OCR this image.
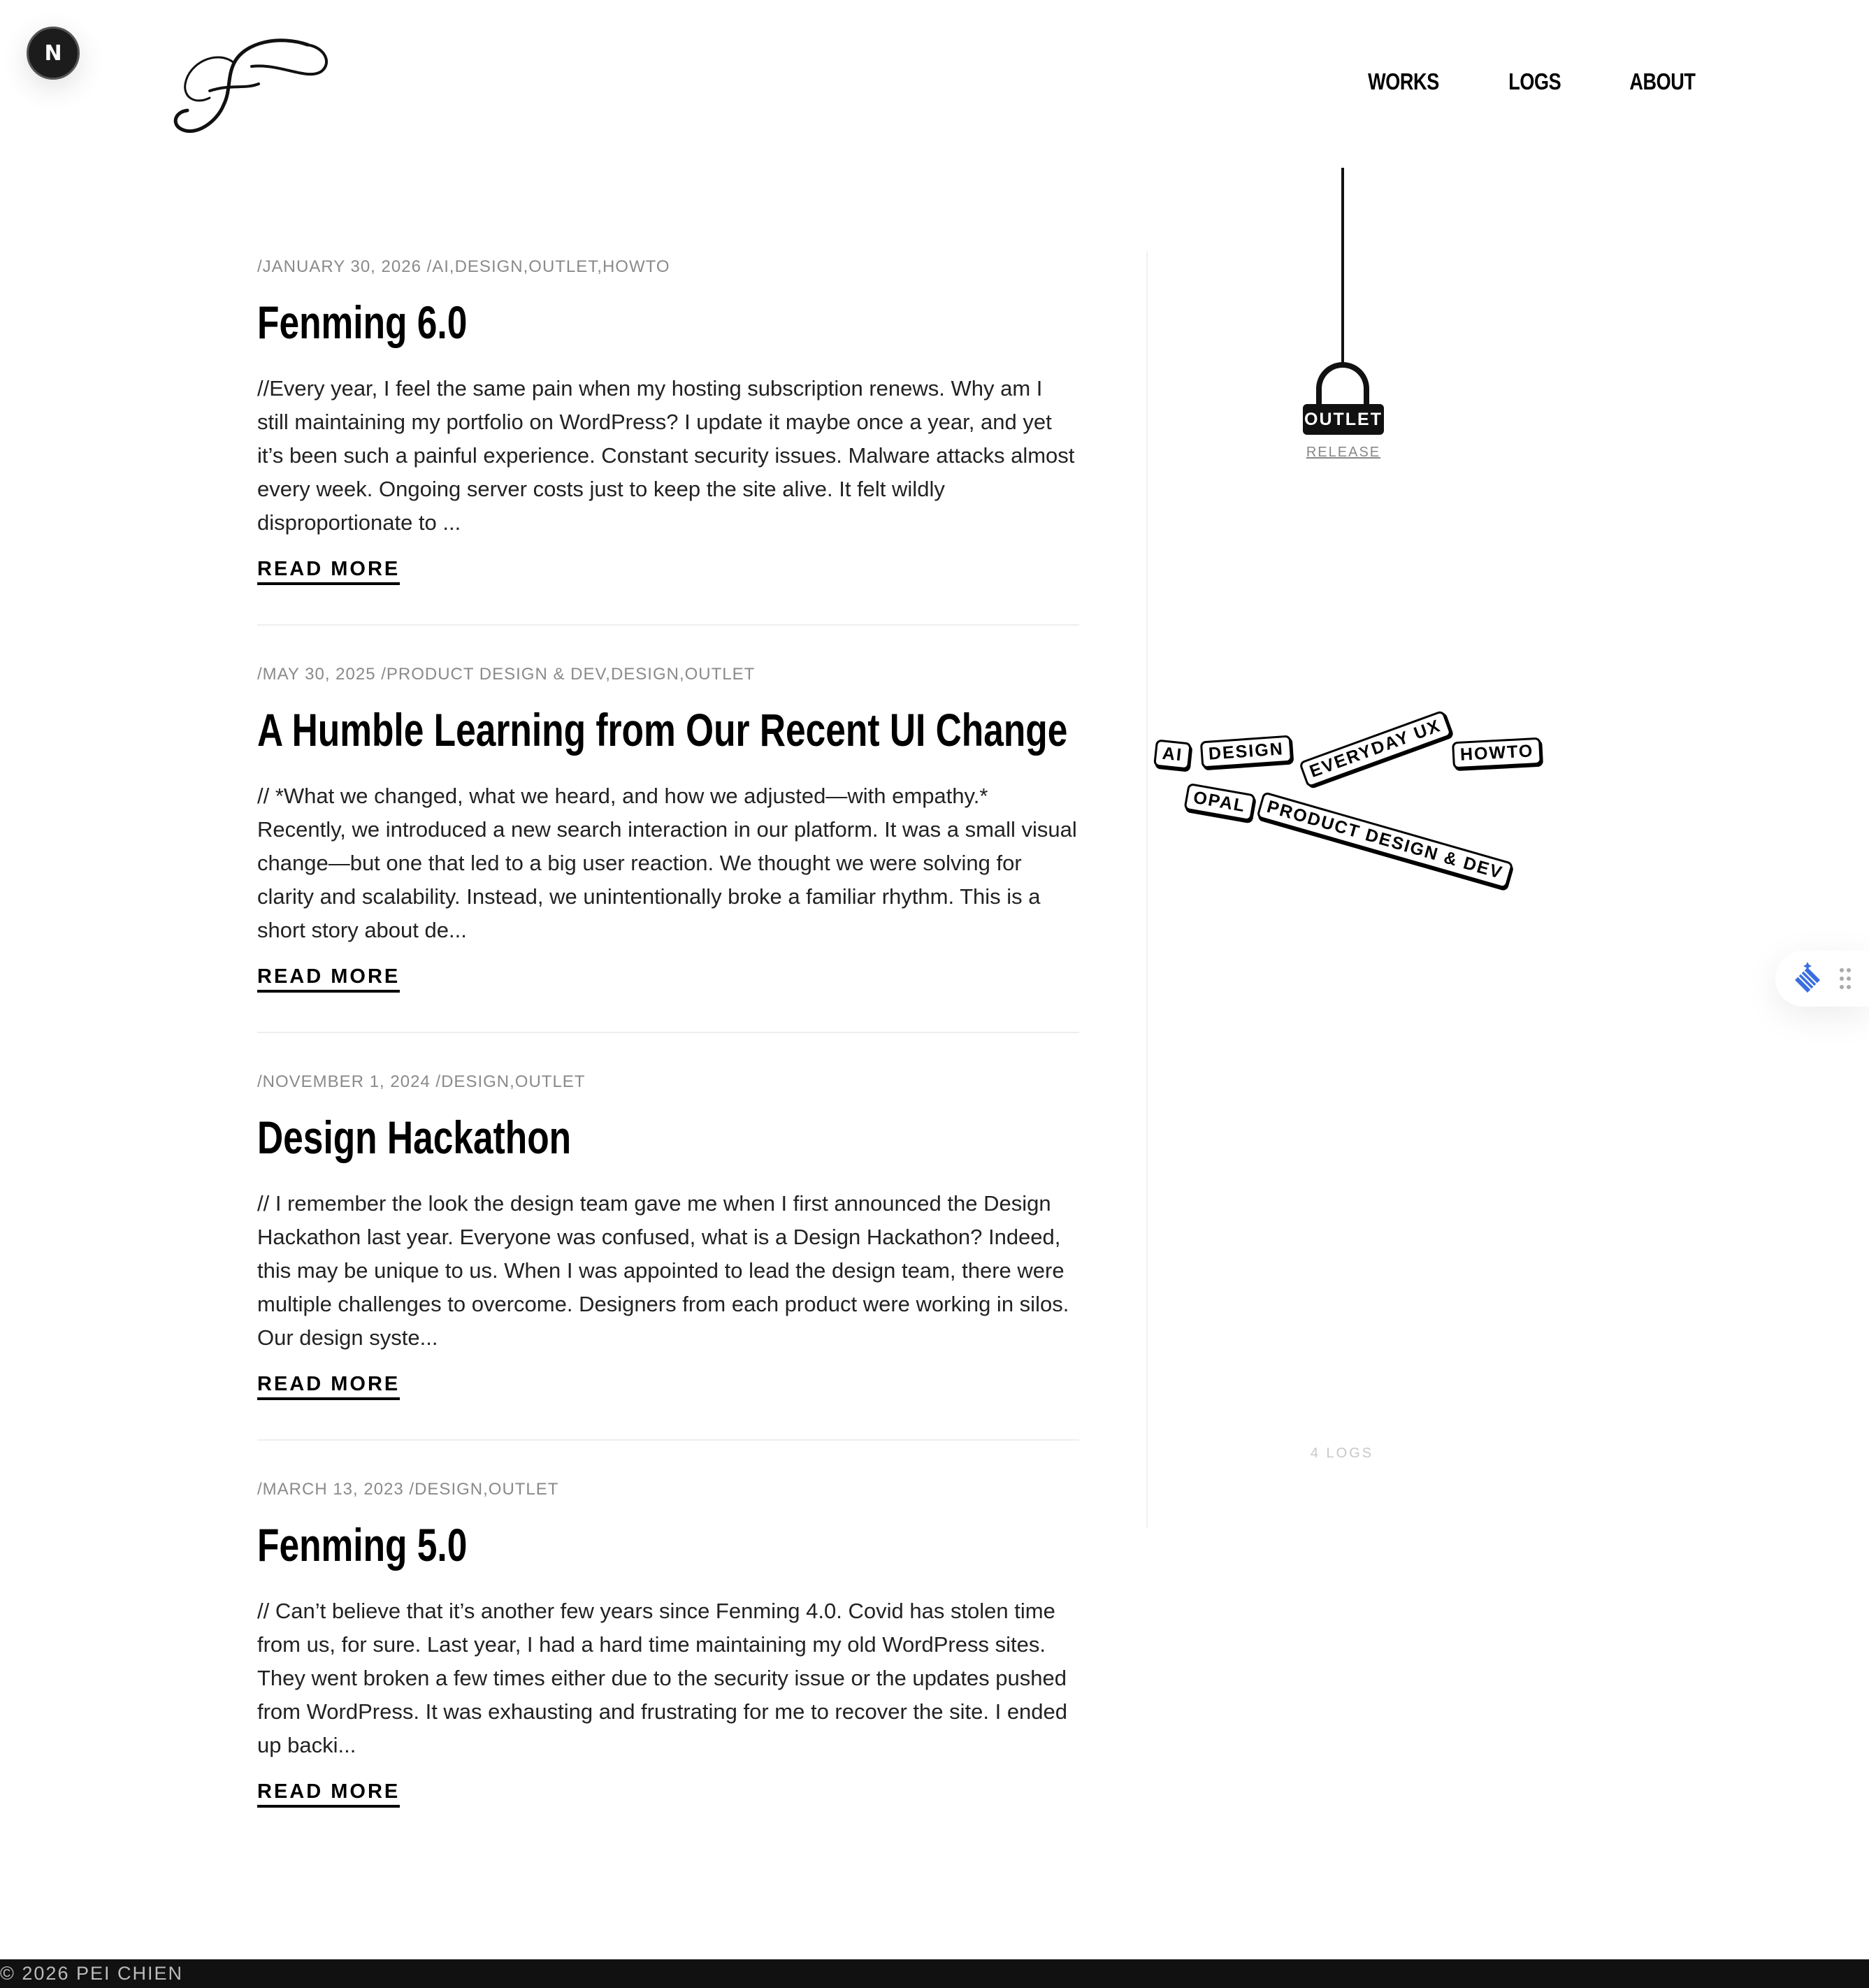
N
WORKS	LOGS	ABOUT
/JANUARY 30, 2026 /AI,DESIGN,OUTLET,HOWTO
Fenming 6.0

//Every year, I feel the same pain when my hosting subscription renews. Why am I still maintaining my portfolio on WordPress? I update it maybe once a year, and yet it’s been such a painful experience. Constant security issues. Malware attacks almost every week. Ongoing server costs just to keep the site alive. It felt wildly disproportionate to ...

READ MORE
/MAY 30, 2025 /PRODUCT DESIGN & DEV,DESIGN,OUTLET
A Humble Learning from Our Recent UI Change

// *What we changed, what we heard, and how we adjusted—with empathy.* Recently, we introduced a new search interaction in our platform. It was a small visual change—but one that led to a big user reaction. We thought we were solving for clarity and scalability. Instead, we unintentionally broke a familiar rhythm. This is a short story about de...

READ MORE
/NOVEMBER 1, 2024 /DESIGN,OUTLET
Design Hackathon

// I remember the look the design team gave me when I first announced the Design Hackathon last year. Everyone was confused, what is a Design Hackathon? Indeed, this may be unique to us. When I was appointed to lead the design team, there were multiple challenges to overcome. Designers from each product were working in silos. Our design syste...

READ MORE
/MARCH 13, 2023 /DESIGN,OUTLET
Fenming 5.0

// Can’t believe that it’s another few years since Fenming 4.0. Covid has stolen time from us, for sure. Last year, I had a hard time maintaining my old WordPress sites. They went broken a few times either due to the security issue or the updates pushed from WordPress. It was exhausting and frustrating for me to recover the site. I ended up backi...

READ MORE
OUTLET
RELEASE
AI	DESIGN	EVERYDAY UX HOWTO
OPAL PRODUCT DESIGN & DEV
4 LOGS
© 2026 PEI CHIEN
